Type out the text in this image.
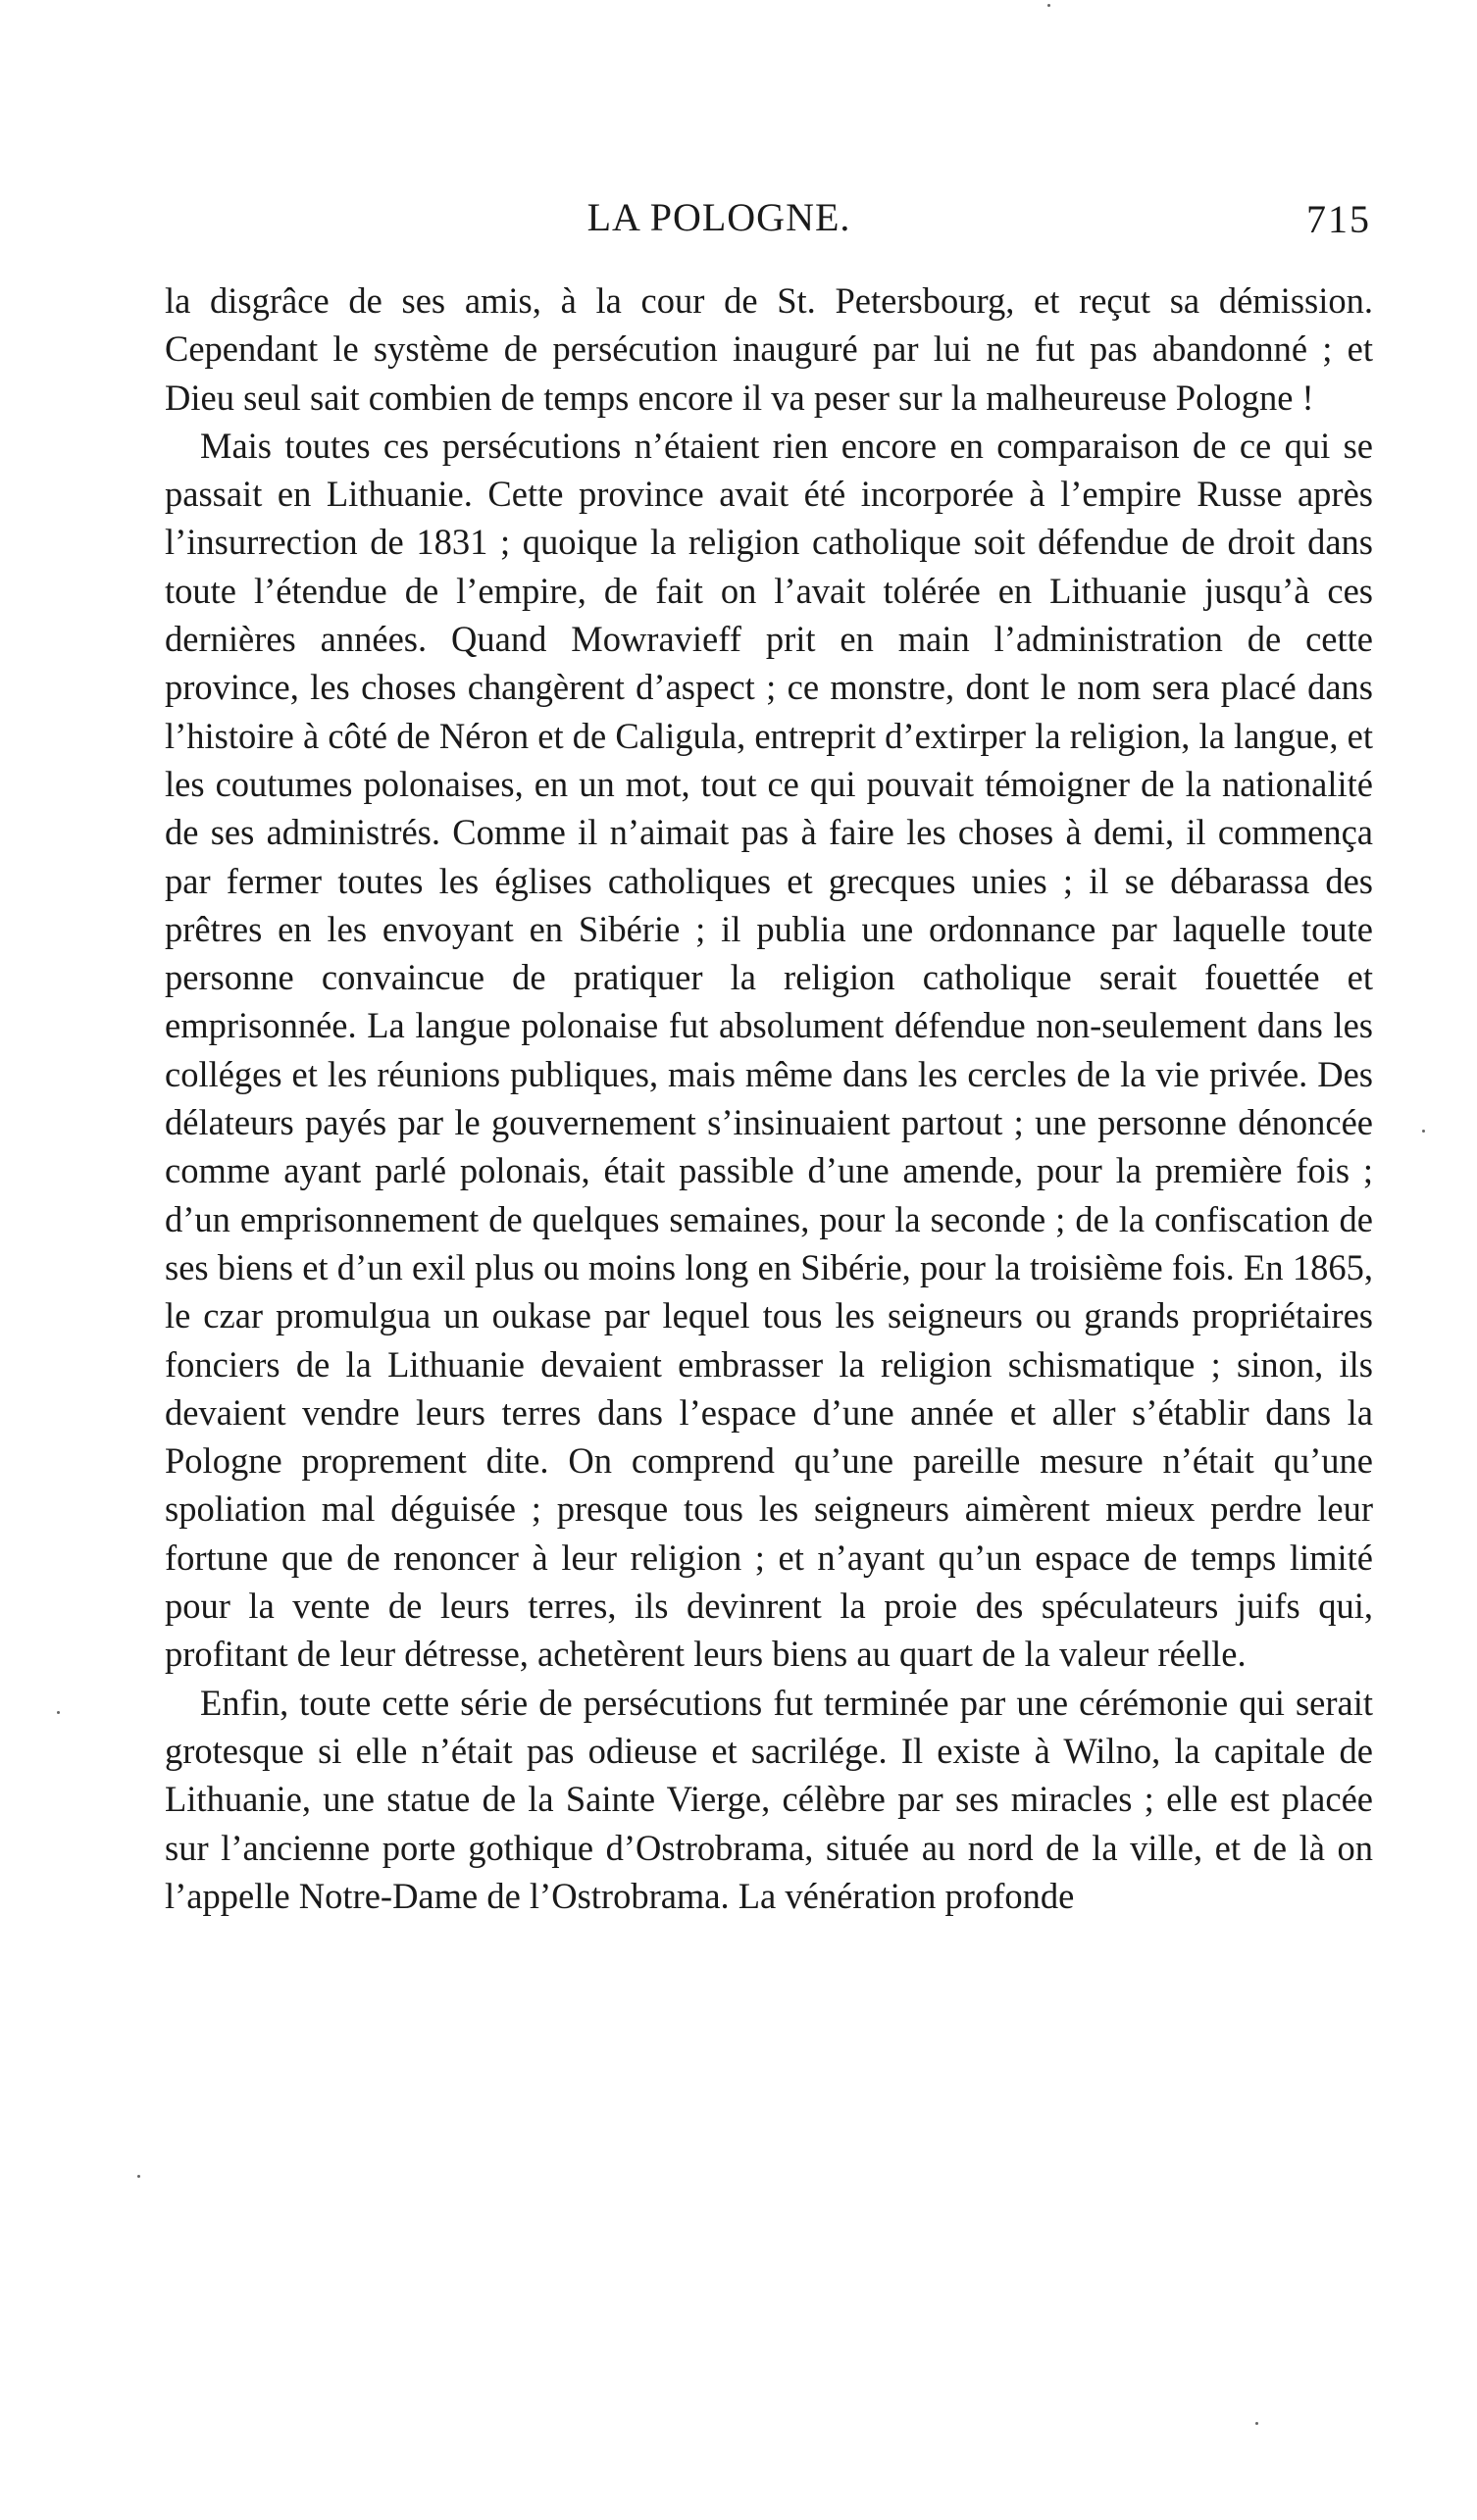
LA POLOGNE.	715

la disgrâce de ses amis, à la cour de St. Petersbourg, et reçut sa démission. Cependant le système de persécution inauguré par lui ne fut pas abandonné ; et Dieu seul sait combien de temps encore il va peser sur la malheureuse Pologne !

Mais toutes ces persécutions n’étaient rien encore en comparaison de ce qui se passait en Lithuanie. Cette province avait été incorporée à l’empire Russe après l’insurrection de 1831 ; quoique la religion catholique soit défendue de droit dans toute l’étendue de l’empire, de fait on l’avait tolérée en Lithuanie jusqu’à ces dernières années. Quand Mowravieff prit en main l’administration de cette province, les choses changèrent d’aspect ; ce monstre, dont le nom sera placé dans l’histoire à côté de Néron et de Caligula, entreprit d’extirper la religion, la langue, et les coutumes polonaises, en un mot, tout ce qui pouvait témoigner de la nationalité de ses administrés. Comme il n’aimait pas à faire les choses à demi, il commença par fermer toutes les églises catholiques et grecques unies ; il se débarassa des prêtres en les envoyant en Sibérie ; il publia une ordonnance par laquelle toute personne convaincue de pratiquer la religion catholique serait fouettée et emprisonnée. La langue polonaise fut absolument défendue non-seulement dans les colléges et les réunions publiques, mais même dans les cercles de la vie privée. Des délateurs payés par le gouvernement s’insinuaient partout ; une personne dénoncée comme ayant parlé polonais, était passible d’une amende, pour la première fois ; d’un emprisonnement de quelques semaines, pour la seconde ; de la confiscation de ses biens et d’un exil plus ou moins long en Sibérie, pour la troisième fois. En 1865, le czar promulgua un oukase par lequel tous les seigneurs ou grands propriétaires fonciers de la Lithuanie devaient embrasser la religion schismatique ; sinon, ils devaient vendre leurs terres dans l’espace d’une année et aller s’établir dans la Pologne proprement dite. On comprend qu’une pareille mesure n’était qu’une spoliation mal déguisée ; presque tous les seigneurs aimèrent mieux perdre leur fortune que de renoncer à leur religion ; et n’ayant qu’un espace de temps limité pour la vente de leurs terres, ils devinrent la proie des spéculateurs juifs qui, profitant de leur détresse, achetèrent leurs biens au quart de la valeur réelle.

Enfin, toute cette série de persécutions fut terminée par une cérémonie qui serait grotesque si elle n’était pas odieuse et sacrilége. Il existe à Wilno, la capitale de Lithuanie, une statue de la Sainte Vierge, célèbre par ses miracles ; elle est placée sur l’ancienne porte gothique d’Ostrobrama, située au nord de la ville, et de là on l’appelle Notre-Dame de l’Ostrobrama. La vénération profonde
